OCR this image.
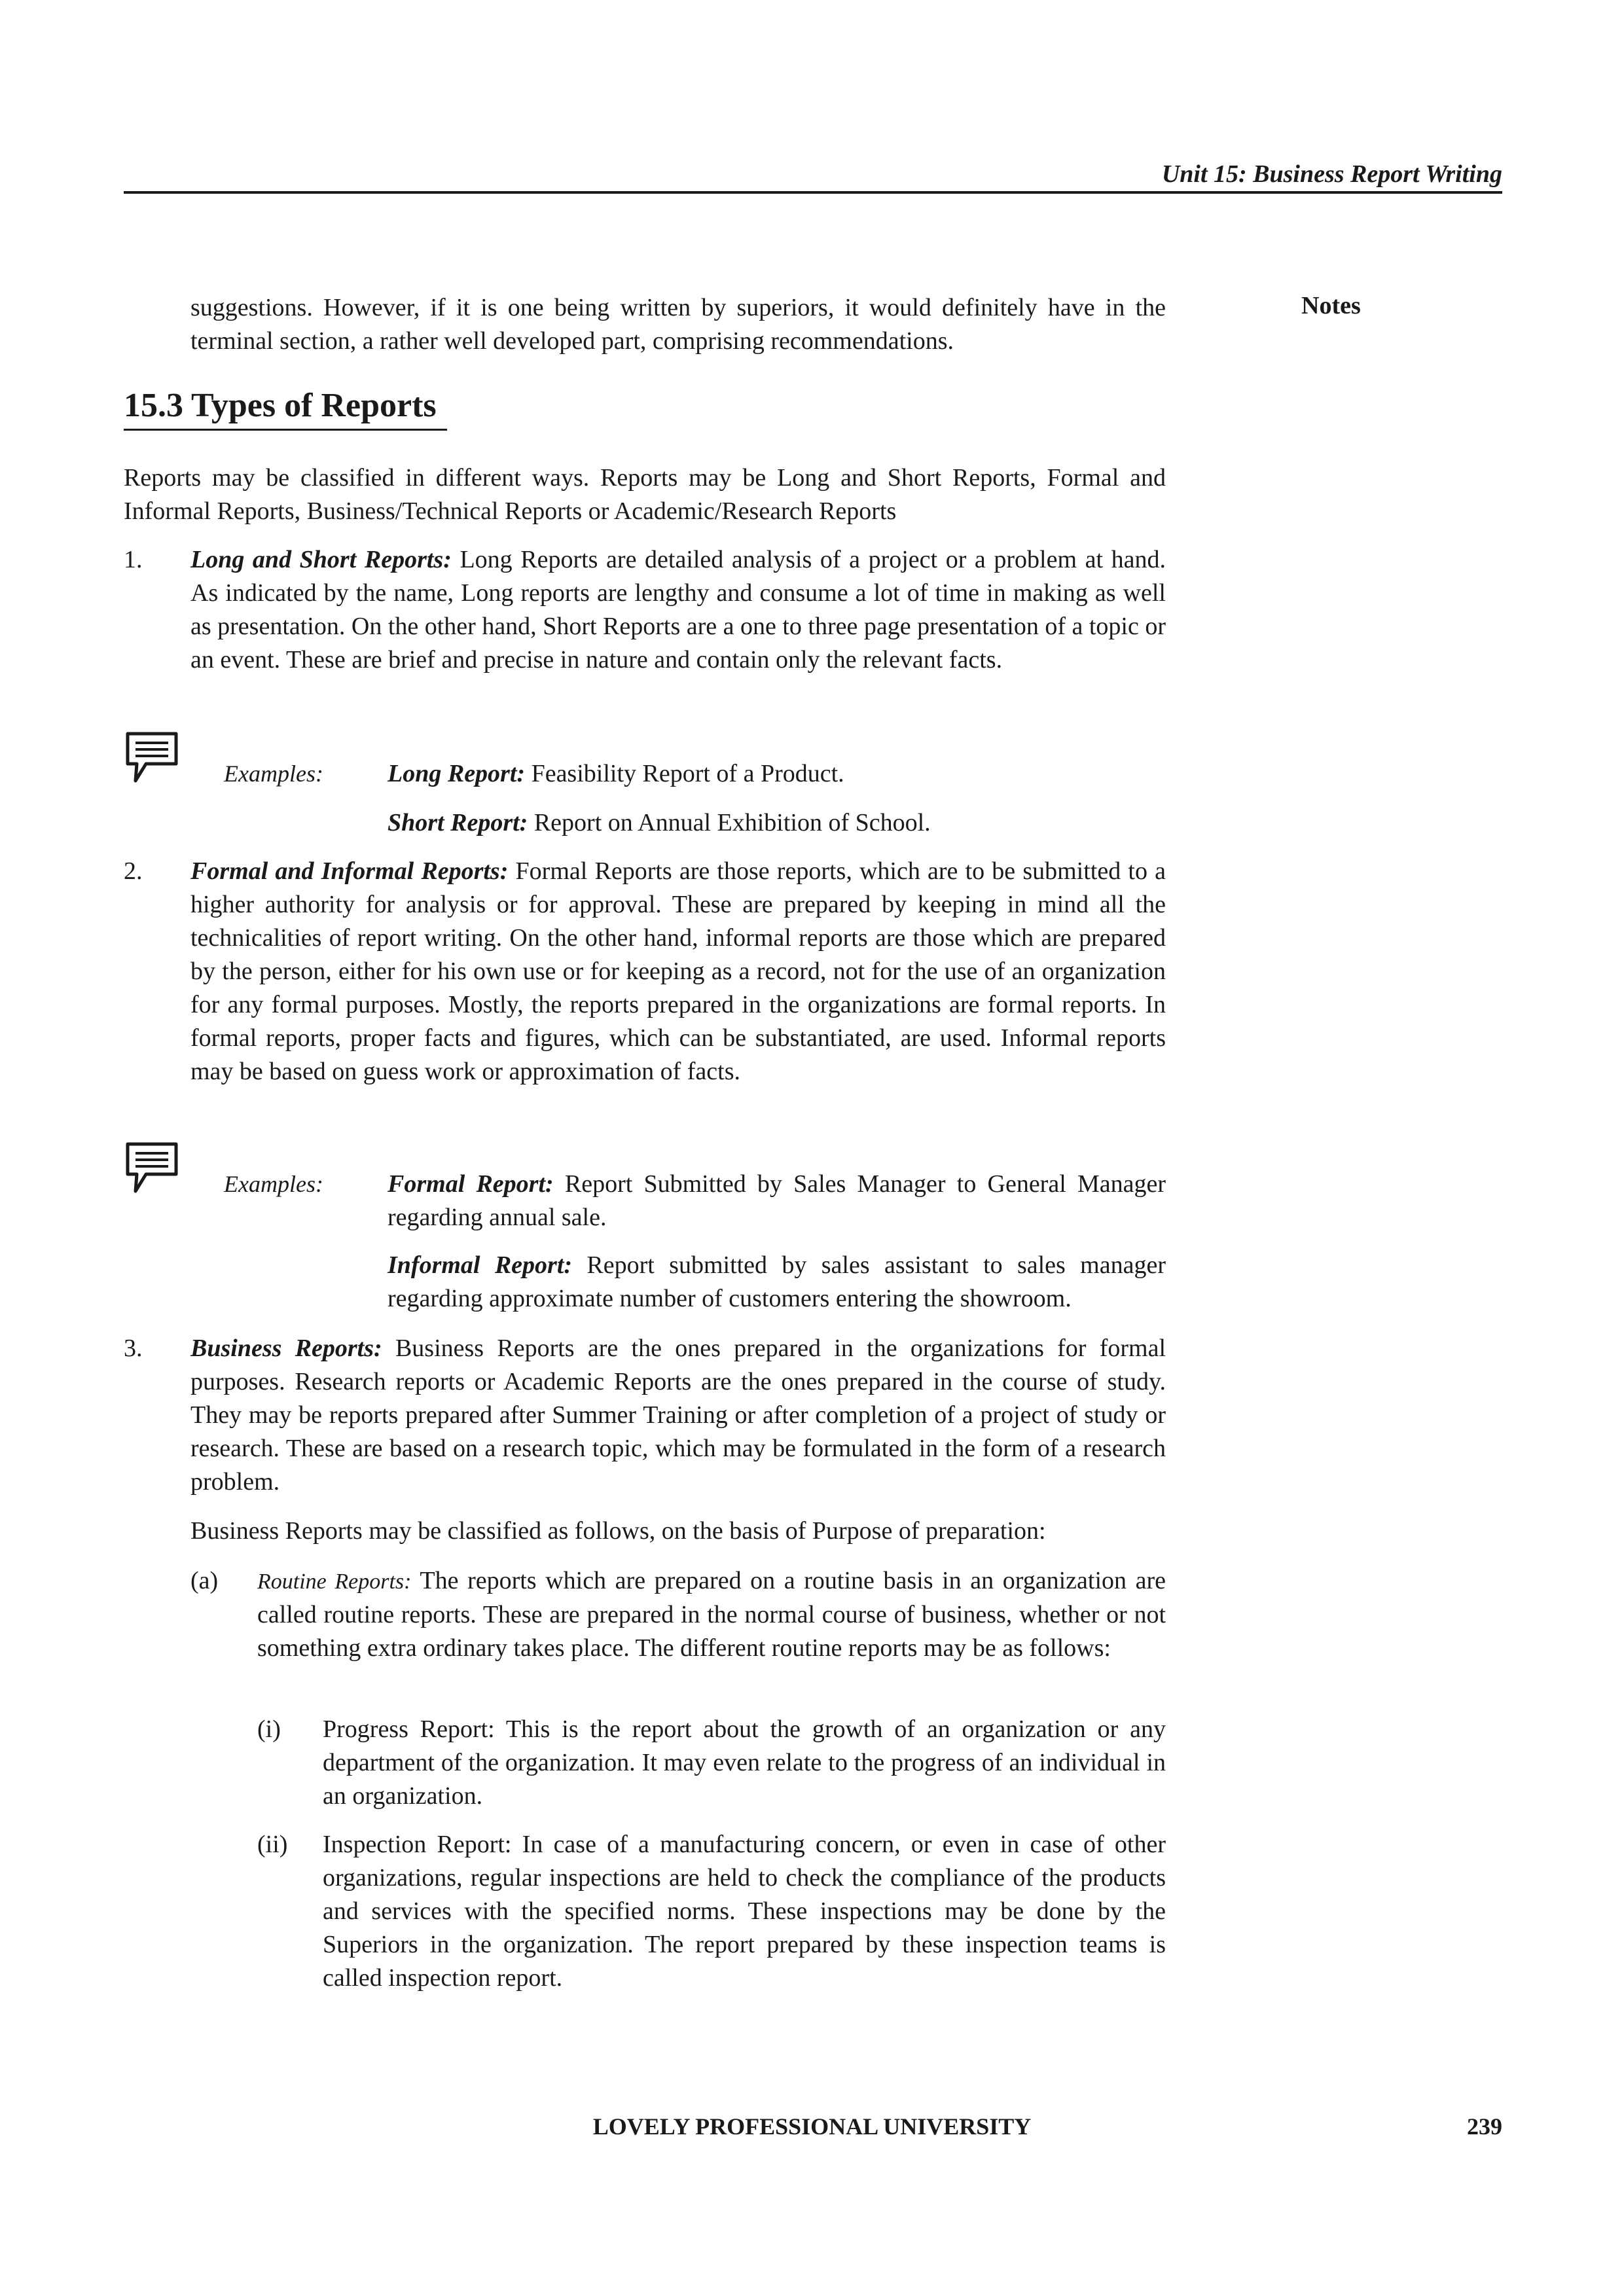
Unit 15: Business Report Writing
Notes
suggestions. However, if it is one being written by superiors, it would definitely have in the terminal section, a rather well developed part, comprising recommendations.
15.3 Types of Reports
Reports may be classified in different ways. Reports may be Long and Short Reports, Formal and Informal Reports, Business/Technical Reports or Academic/Research Reports
1. Long and Short Reports: Long Reports are detailed analysis of a project or a problem at hand. As indicated by the name, Long reports are lengthy and consume a lot of time in making as well as presentation. On the other hand, Short Reports are a one to three page presentation of a topic or an event. These are brief and precise in nature and contain only the relevant facts.
Examples:	Long Report: Feasibility Report of a Product.
Short Report: Report on Annual Exhibition of School.
2. Formal and Informal Reports: Formal Reports are those reports, which are to be submitted to a higher authority for analysis or for approval. These are prepared by keeping in mind all the technicalities of report writing. On the other hand, informal reports are those which are prepared by the person, either for his own use or for keeping as a record, not for the use of an organization for any formal purposes. Mostly, the reports prepared in the organizations are formal reports. In formal reports, proper facts and figures, which can be substantiated, are used. Informal reports may be based on guess work or approximation of facts.
Examples:	Formal Report: Report Submitted by Sales Manager to General Manager regarding annual sale.
Informal Report: Report submitted by sales assistant to sales manager regarding approximate number of customers entering the showroom.
3. Business Reports: Business Reports are the ones prepared in the organizations for formal purposes. Research reports or Academic Reports are the ones prepared in the course of study. They may be reports prepared after Summer Training or after completion of a project of study or research. These are based on a research topic, which may be formulated in the form of a research problem.
Business Reports may be classified as follows, on the basis of Purpose of preparation:
(a) Routine Reports: The reports which are prepared on a routine basis in an organization are called routine reports. These are prepared in the normal course of business, whether or not something extra ordinary takes place. The different routine reports may be as follows:
(i) Progress Report: This is the report about the growth of an organization or any department of the organization. It may even relate to the progress of an individual in an organization.
(ii) Inspection Report: In case of a manufacturing concern, or even in case of other organizations, regular inspections are held to check the compliance of the products and services with the specified norms. These inspections may be done by the Superiors in the organization. The report prepared by these inspection teams is called inspection report.
LOVELY PROFESSIONAL UNIVERSITY	239
